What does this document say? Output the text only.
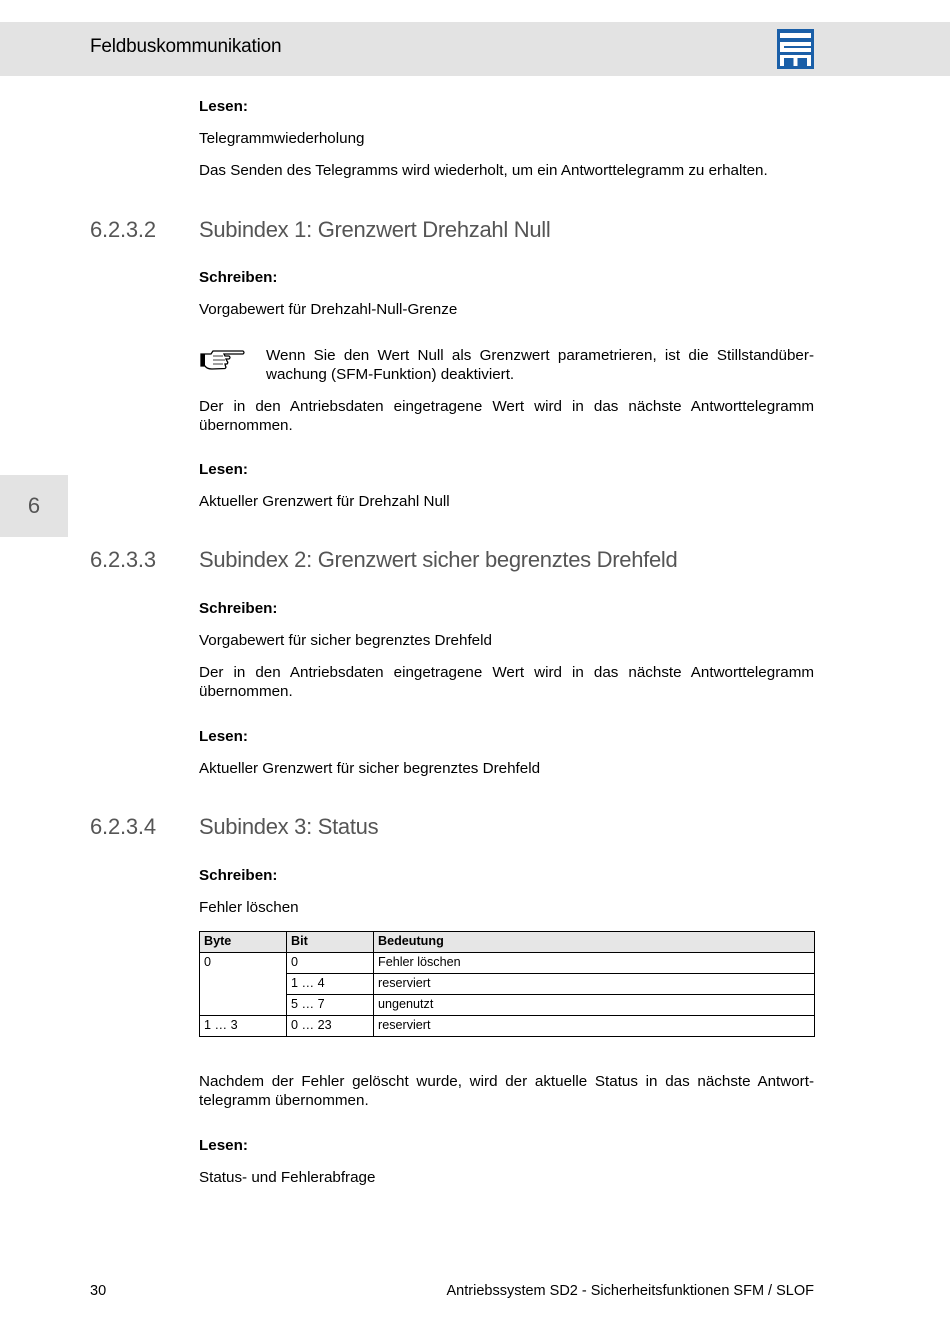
Feldbuskommunikation
6
Lesen:
Telegrammwiederholung
Das Senden des Telegramms wird wiederholt, um ein Antworttelegramm zu erhalten.
6.2.3.2 Subindex 1: Grenzwert Drehzahl Null
Schreiben:
Vorgabewert für Drehzahl-Null-Grenze
Wenn Sie den Wert Null als Grenzwert parametrieren, ist die Stillstandüberwachung (SFM-Funktion) deaktiviert.
Der in den Antriebsdaten eingetragene Wert wird in das nächste Antworttelegramm übernommen.
Lesen:
Aktueller Grenzwert für Drehzahl Null
6.2.3.3 Subindex 2: Grenzwert sicher begrenztes Drehfeld
Schreiben:
Vorgabewert für sicher begrenztes Drehfeld
Der in den Antriebsdaten eingetragene Wert wird in das nächste Antworttelegramm übernommen.
Lesen:
Aktueller Grenzwert für sicher begrenztes Drehfeld
6.2.3.4 Subindex 3: Status
Schreiben:
Fehler löschen
Byte	Bit	Bedeutung
0	0	Fehler löschen
	1 … 4	reserviert
	5 … 7	ungenutzt
1 … 3	0 … 23	reserviert
Nachdem der Fehler gelöscht wurde, wird der aktuelle Status in das nächste Antworttelegramm übernommen.
Lesen:
Status- und Fehlerabfrage
30	Antriebssystem SD2 - Sicherheitsfunktionen SFM / SLOF
